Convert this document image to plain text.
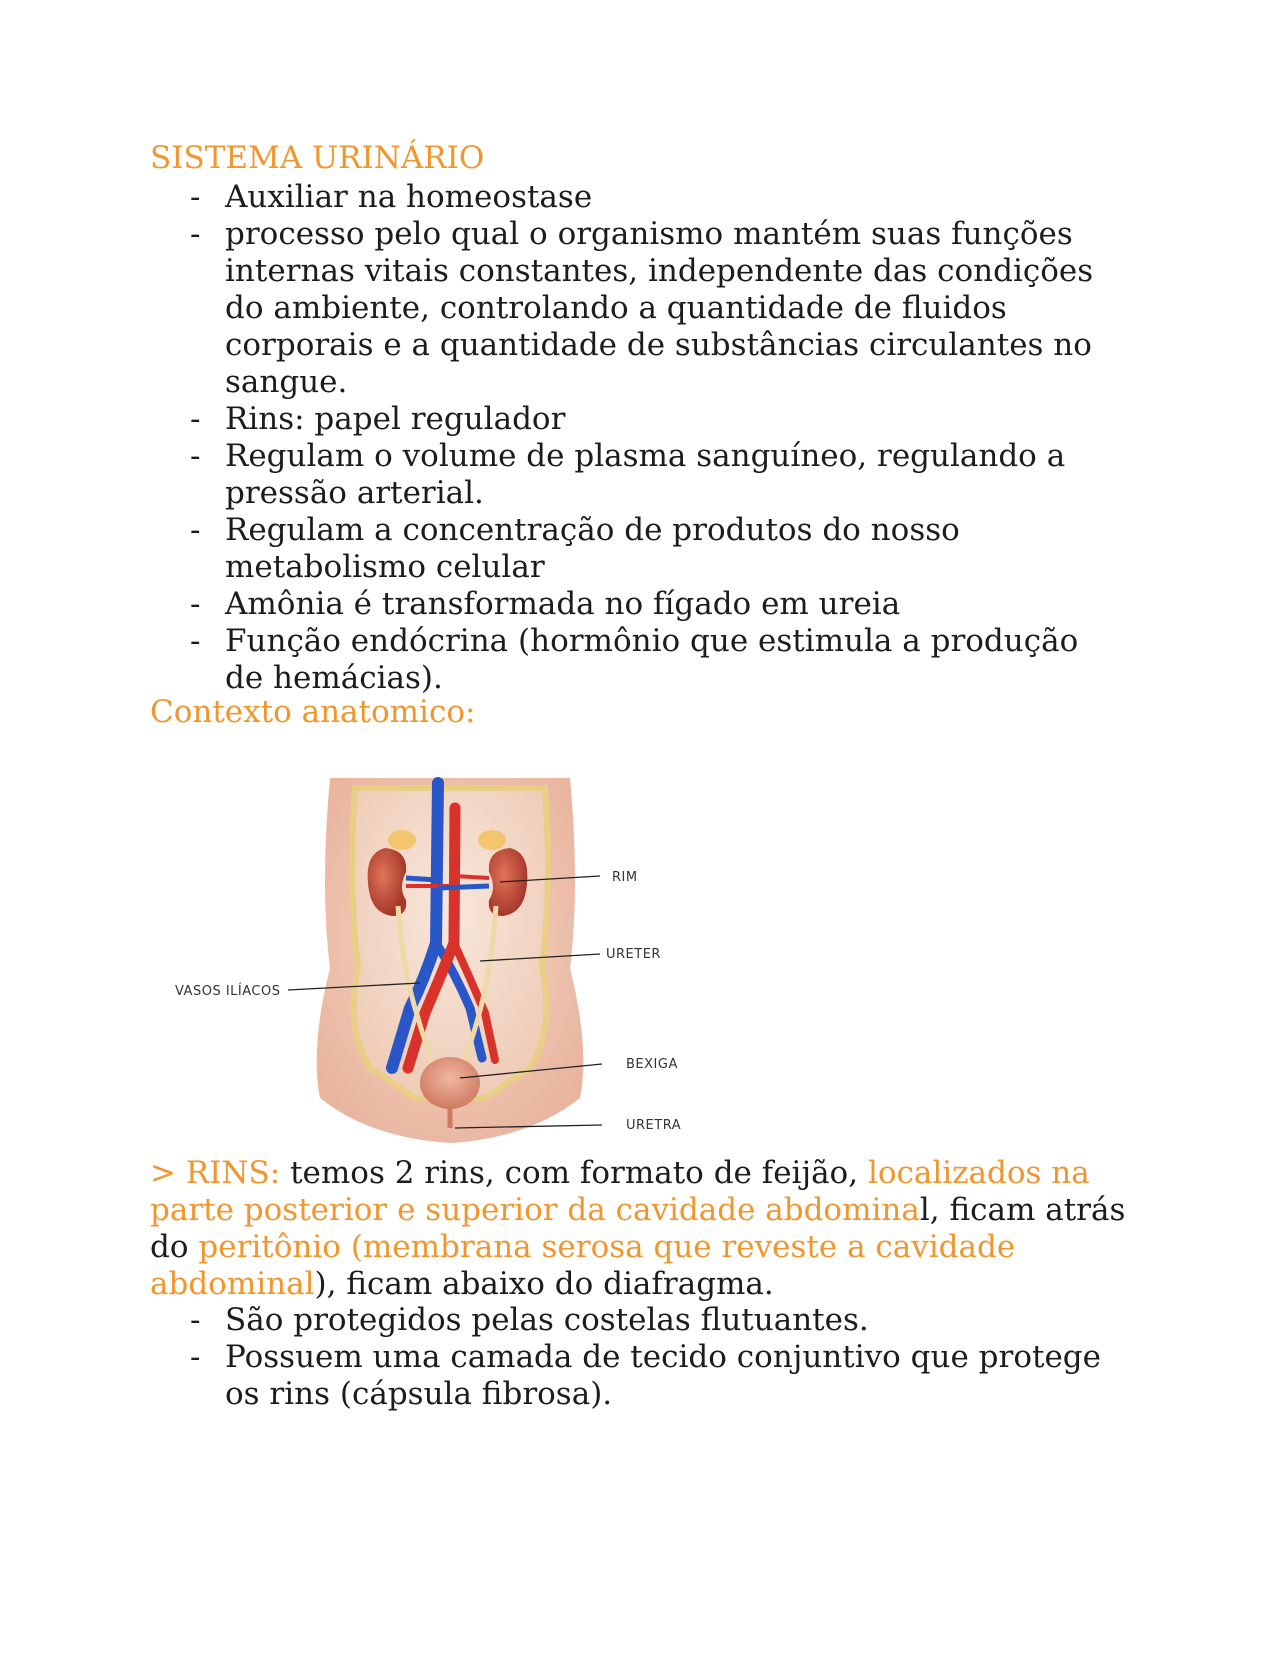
SISTEMA URINÁRIO
- Auxiliar na homeostase
- processo pelo qual o organismo mantém suas funções internas vitais constantes, independente das condições do ambiente, controlando a quantidade de fluidos corporais e a quantidade de substâncias circulantes no sangue.
- Rins: papel regulador
- Regulam o volume de plasma sanguíneo, regulando a pressão arterial.
- Regulam a concentração de produtos do nosso metabolismo celular
- Amônia é transformada no fígado em ureia
- Função endócrina (hormônio que estimula a produção de hemácias).
Contexto anatomico:
RIM
URETER
VASOS ILÍACOS
BEXIGA
URETRA

> RINS: temos 2 rins, com formato de feijão, localizados na parte posterior e superior da cavidade abdominal, ficam atrás do peritônio (membrana serosa que reveste a cavidade abdominal), ficam abaixo do diafragma.

- São protegidos pelas costelas flutuantes.
- Possuem uma camada de tecido conjuntivo que protege os rins (cápsula fibrosa).
